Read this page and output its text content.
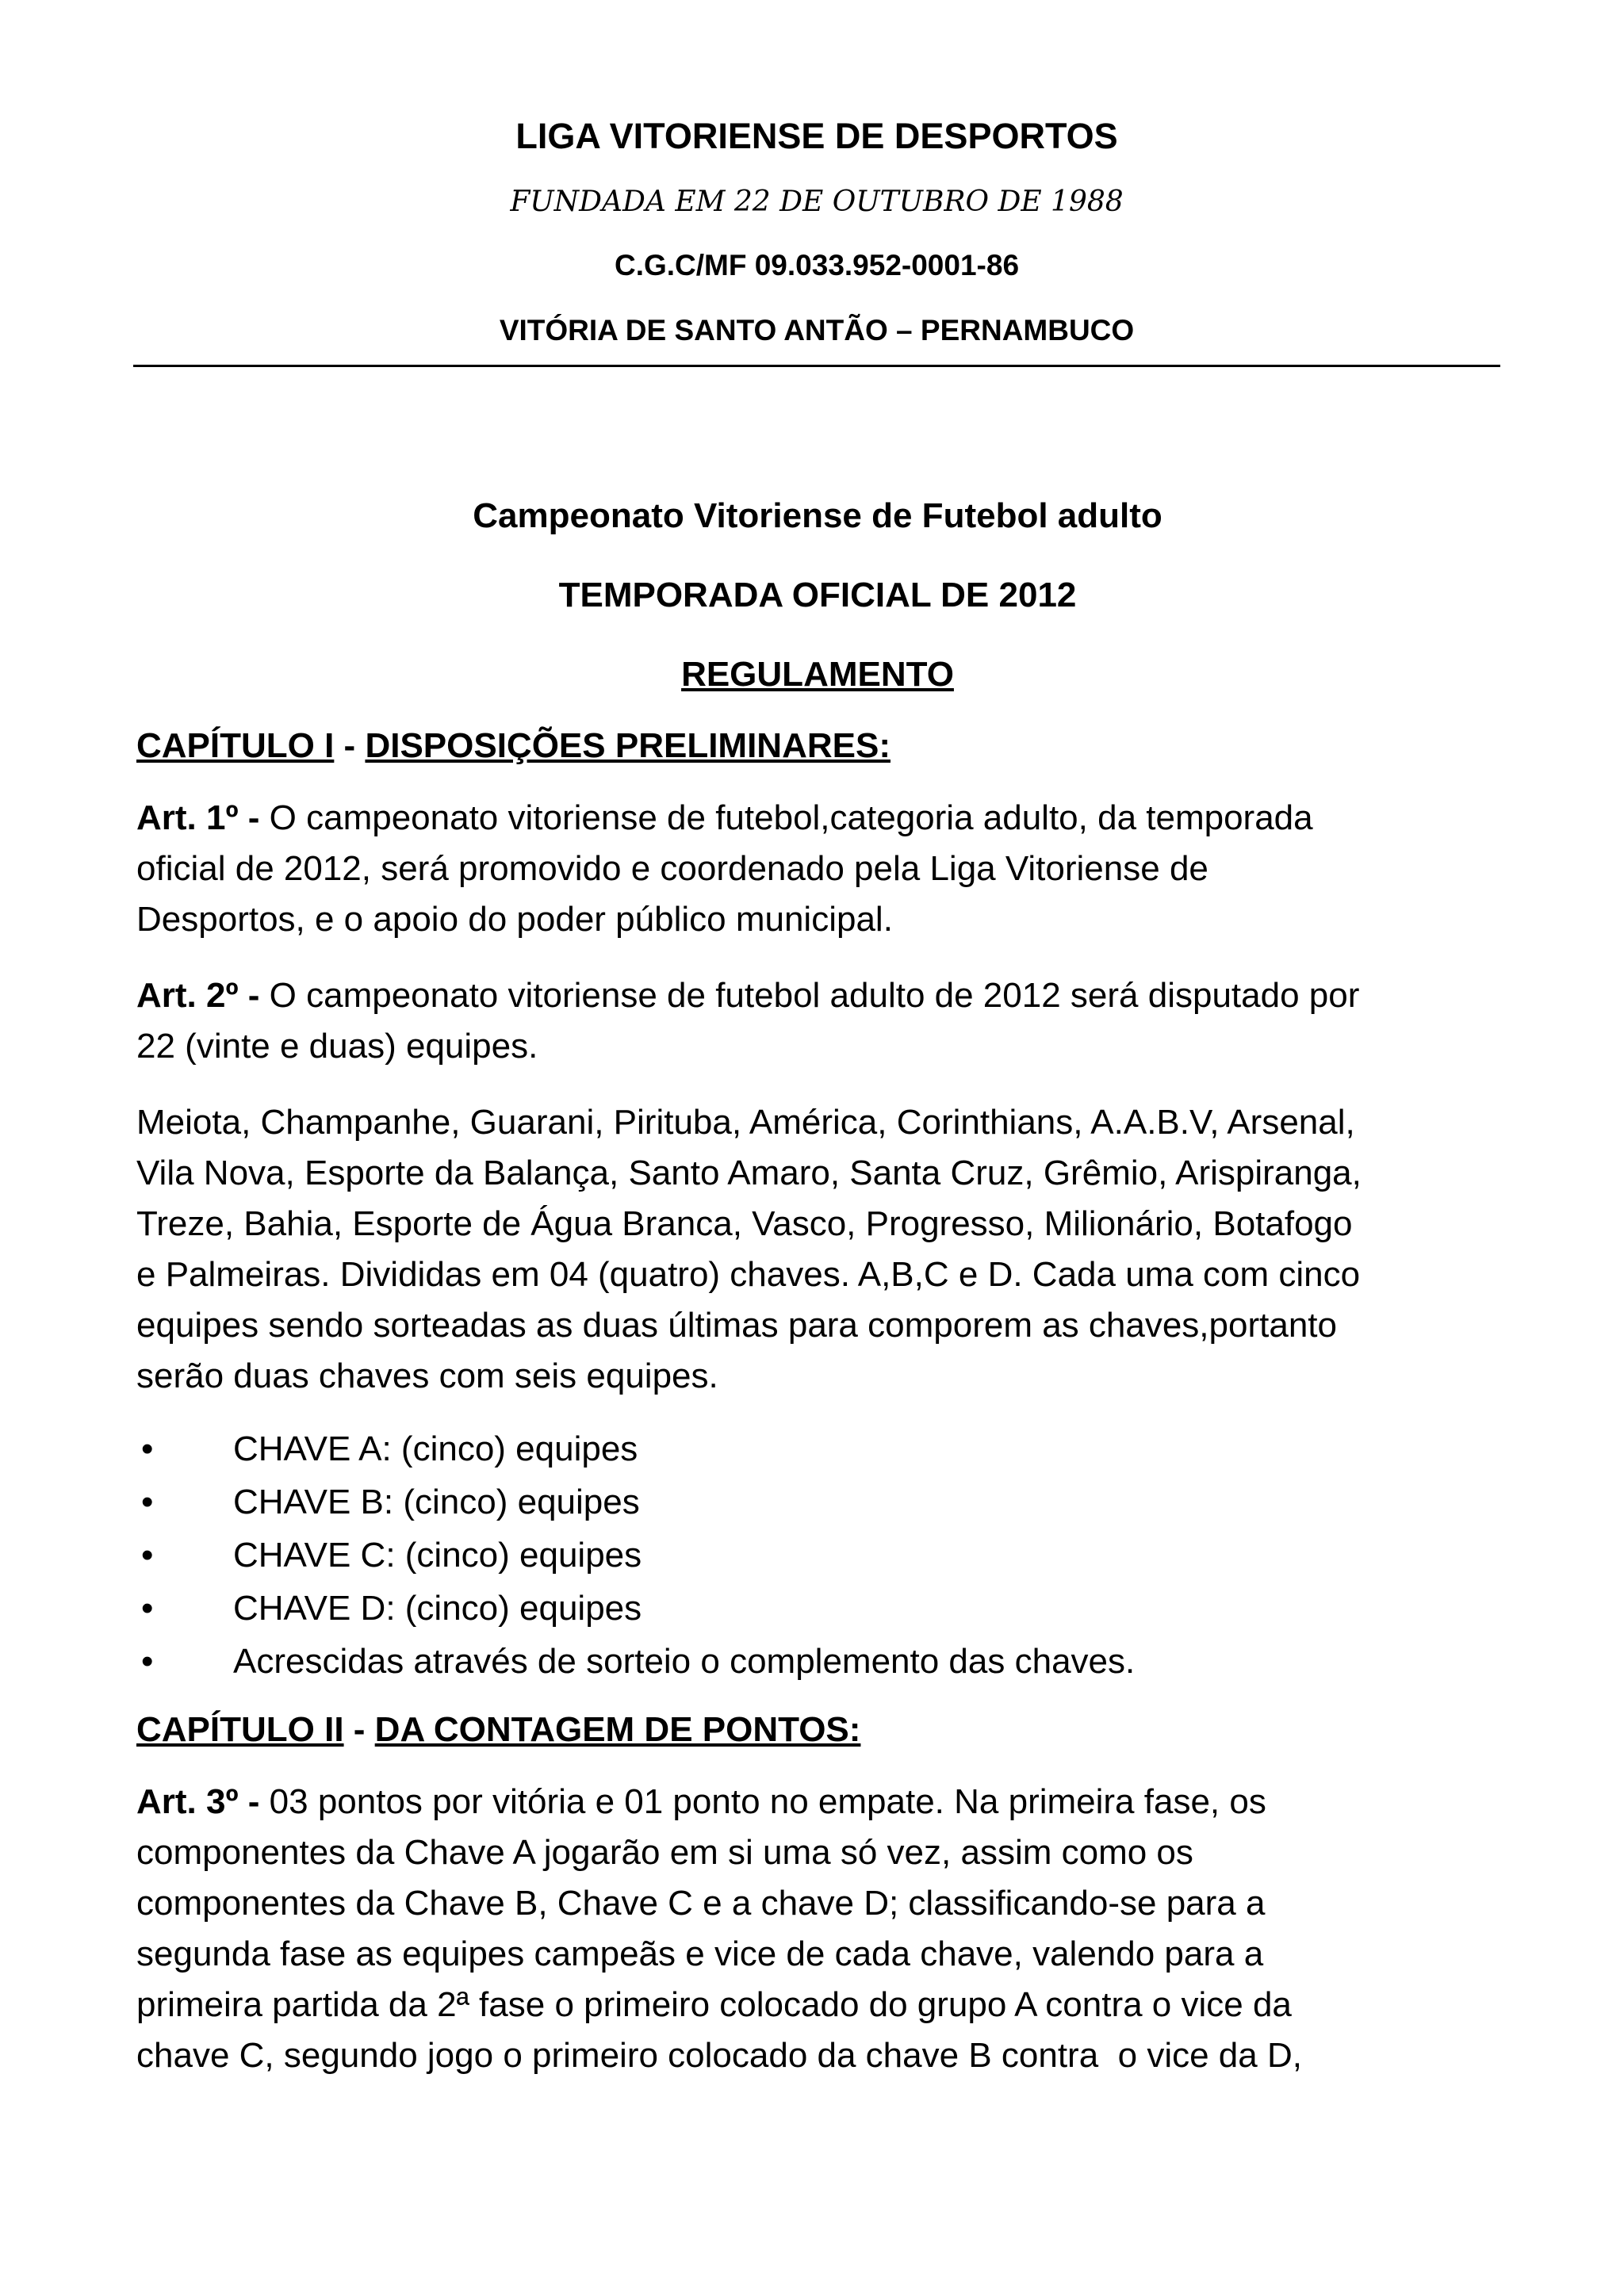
LIGA VITORIENSE DE DESPORTOS
FUNDADA EM 22 DE OUTUBRO DE 1988
C.G.C/MF 09.033.952-0001-86
VITÓRIA DE SANTO ANTÃO – PERNAMBUCO
Campeonato Vitoriense de Futebol adulto
TEMPORADA OFICIAL DE 2012
REGULAMENTO
CAPÍTULO I - DISPOSIÇÕES PRELIMINARES:

Art. 1º - O campeonato vitoriense de futebol,categoria adulto, da temporada

oficial de 2012, será promovido e coordenado pela Liga Vitoriense de

Desportos, e o apoio do poder público municipal.

Art. 2º - O campeonato vitoriense de futebol adulto de 2012 será disputado por

22 (vinte e duas) equipes.

Meiota, Champanhe, Guarani, Pirituba, América, Corinthians, A.A.B.V, Arsenal,

Vila Nova, Esporte da Balança, Santo Amaro, Santa Cruz, Grêmio, Arispiranga,

Treze, Bahia, Esporte de Água Branca, Vasco, Progresso, Milionário, Botafogo

e Palmeiras. Divididas em 04 (quatro) chaves. A,B,C e D. Cada uma com cinco

equipes sendo sorteadas as duas últimas para comporem as chaves,portanto

serão duas chaves com seis equipes.

• CHAVE A: (cinco) equipes
• CHAVE B: (cinco) equipes
• CHAVE C: (cinco) equipes
• CHAVE D: (cinco) equipes
• Acrescidas através de sorteio o complemento das chaves.
CAPÍTULO II - DA CONTAGEM DE PONTOS:

Art. 3º - 03 pontos por vitória e 01 ponto no empate. Na primeira fase, os

componentes da Chave A jogarão em si uma só vez, assim como os

componentes da Chave B, Chave C e a chave D; classificando-se para a

segunda fase as equipes campeãs e vice de cada chave, valendo para a

primeira partida da 2ª fase o primeiro colocado do grupo A contra o vice da

chave C, segundo jogo o primeiro colocado da chave B contra  o vice da D,
